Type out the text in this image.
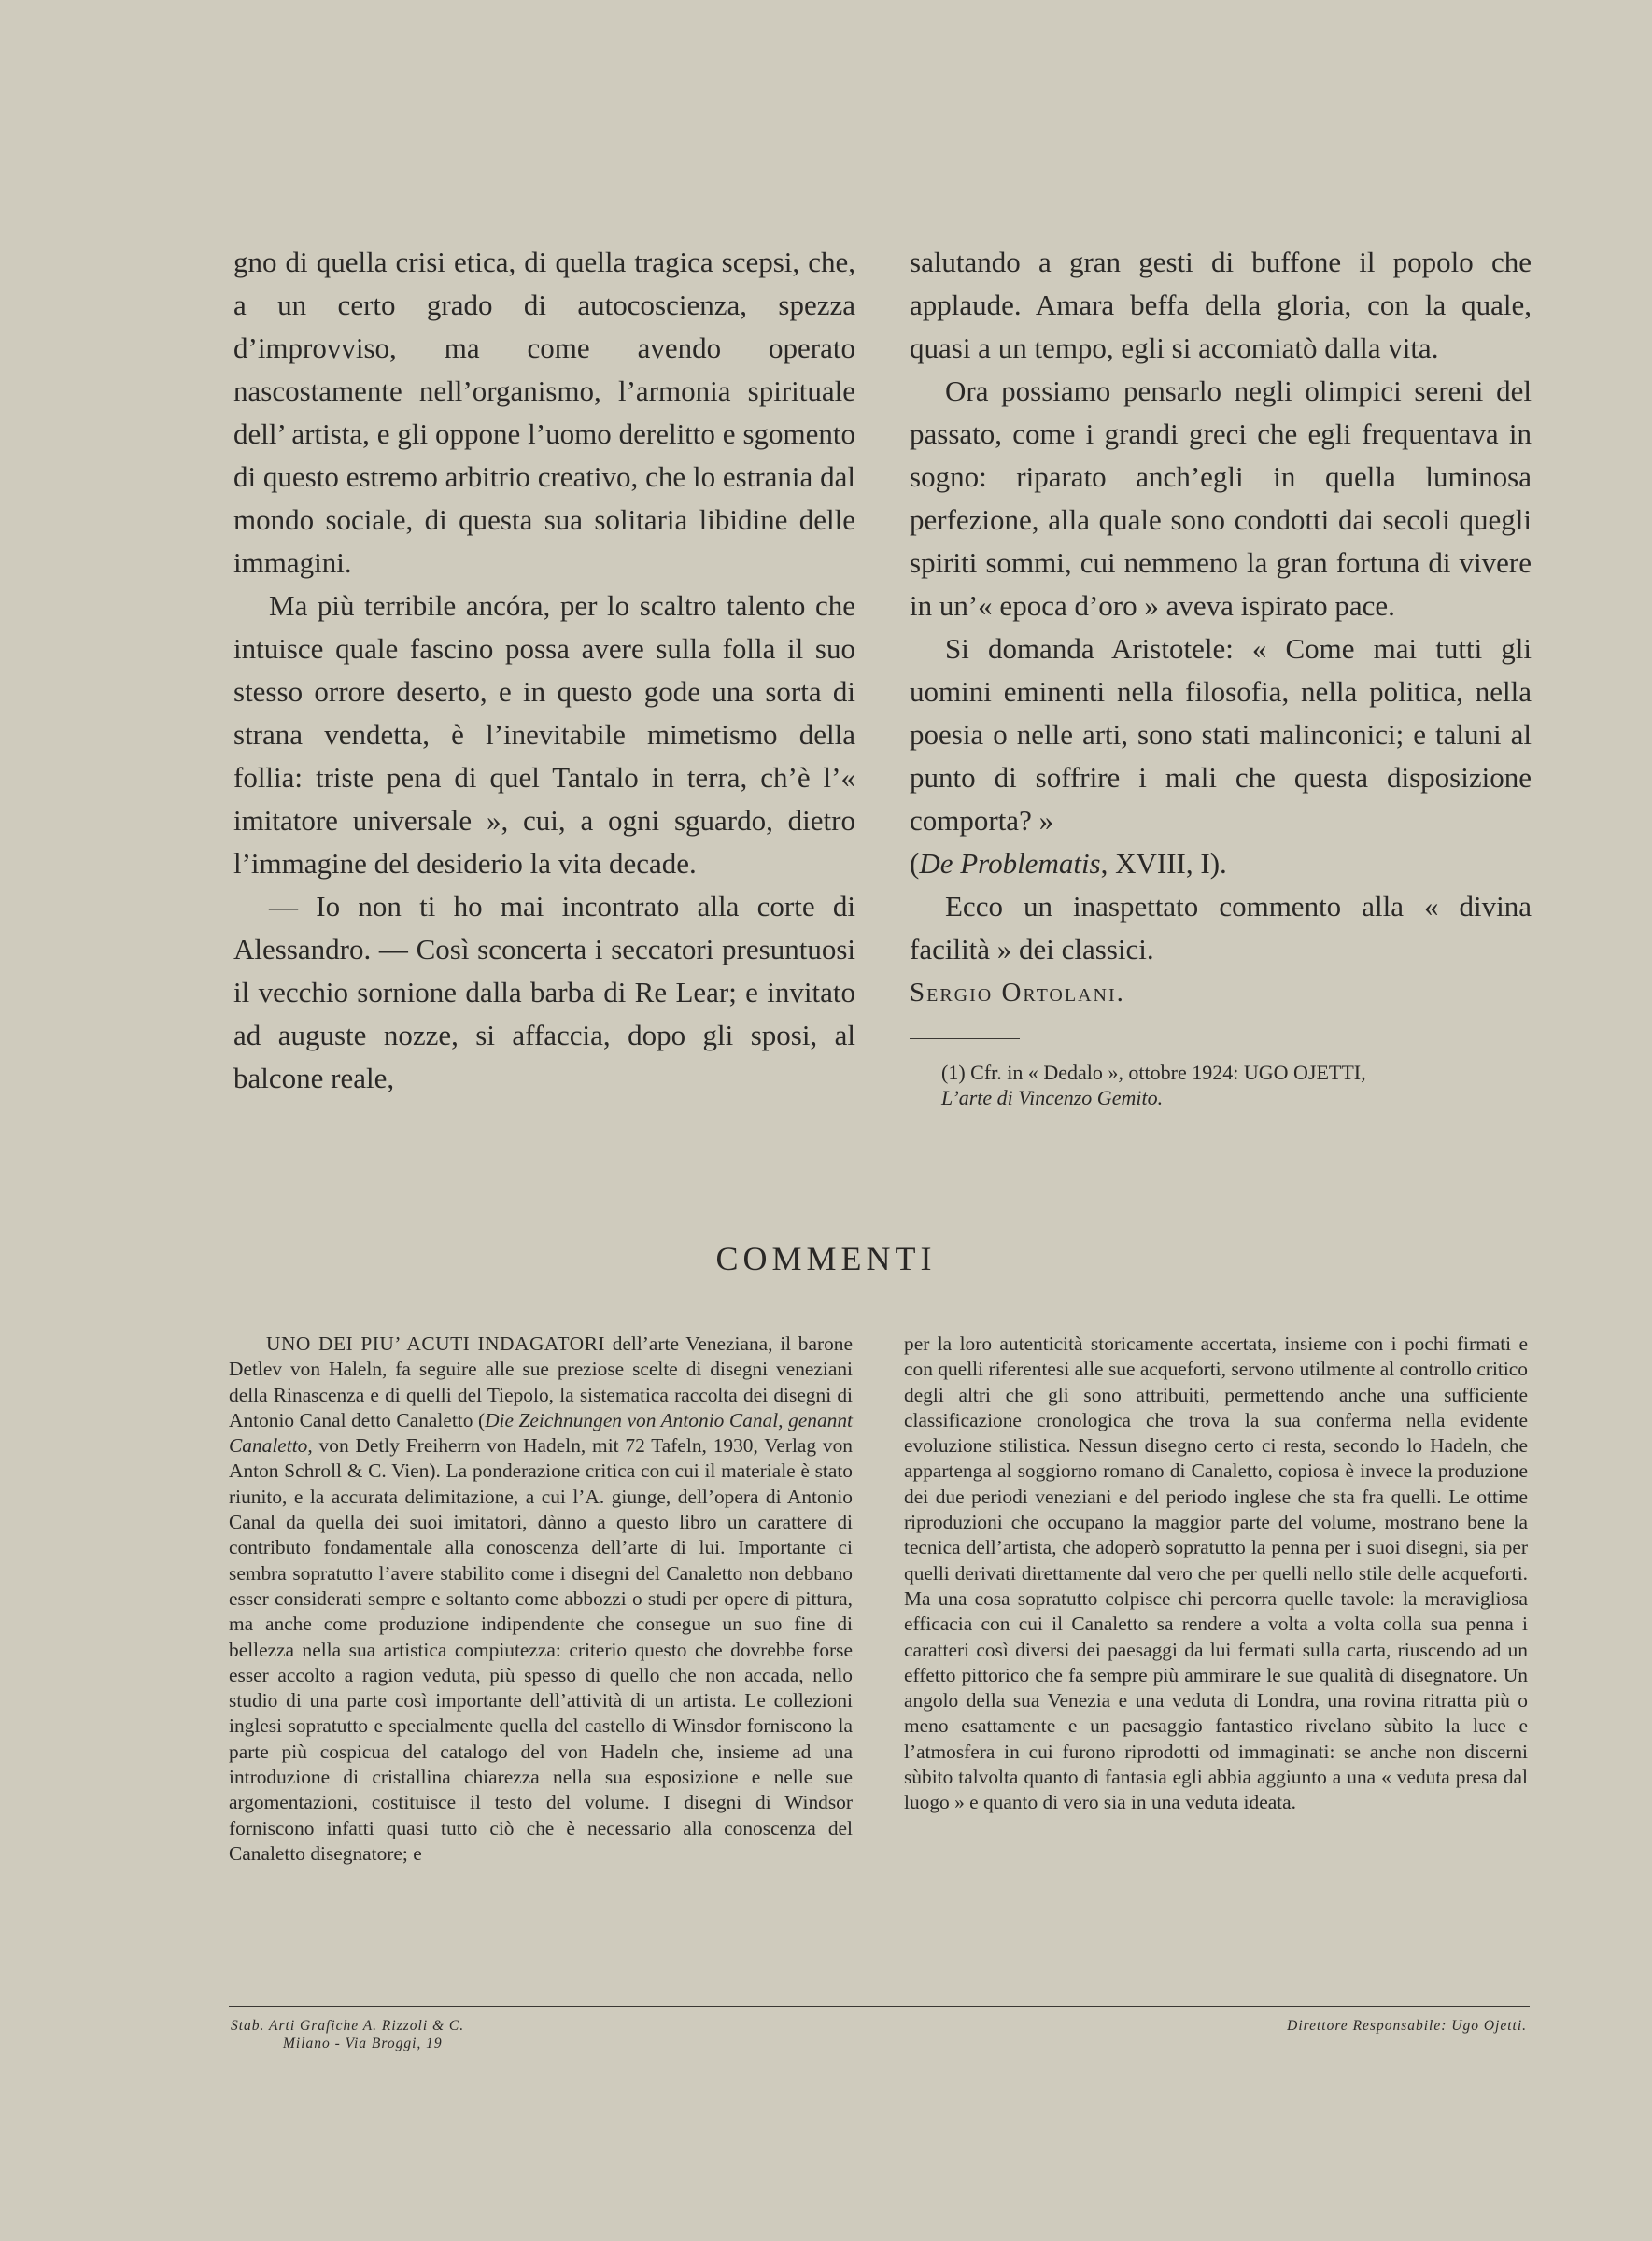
gno di quella crisi etica, di quella tragica scepsi, che, a un certo grado di autocoscienza, spezza d’improvviso, ma come avendo operato nascostamente nell’organismo, l’armonia spirituale dell’ artista, e gli oppone l’uomo derelitto e sgomento di questo estremo arbitrio creativo, che lo estrania dal mondo sociale, di questa sua solitaria libidine delle immagini.

Ma più terribile ancóra, per lo scaltro talento che intuisce quale fascino possa avere sulla folla il suo stesso orrore deserto, e in questo gode una sorta di strana vendetta, è l’inevitabile mimetismo della follia: triste pena di quel Tantalo in terra, ch’è l’« imitatore universale », cui, a ogni sguardo, dietro l’immagine del desiderio la vita decade.

— Io non ti ho mai incontrato alla corte di Alessandro. — Così sconcerta i seccatori presuntuosi il vecchio sornione dalla barba di Re Lear; e invitato ad auguste nozze, si affaccia, dopo gli sposi, al balcone reale,

salutando a gran gesti di buffone il popolo che applaude. Amara beffa della gloria, con la quale, quasi a un tempo, egli si accomiatò dalla vita.

Ora possiamo pensarlo negli olimpici sereni del passato, come i grandi greci che egli frequentava in sogno: riparato anch’egli in quella luminosa perfezione, alla quale sono condotti dai secoli quegli spiriti sommi, cui nemmeno la gran fortuna di vivere in un’« epoca d’oro » aveva ispirato pace.

Si domanda Aristotele: « Come mai tutti gli uomini eminenti nella filosofia, nella politica, nella poesia o nelle arti, sono stati malinconici; e taluni al punto di soffrire i mali che questa disposizione comporta? »

(De Problematis, XVIII, I).

Ecco un inaspettato commento alla « divina facilità » dei classici.

Sergio Ortolani.

(1) Cfr. in « Dedalo », ottobre 1924: UGO OJETTI,
L’arte di Vincenzo Gemito.

COMMENTI

UNO DEI PIU’ ACUTI INDAGATORI dell’arte Veneziana, il barone Detlev von Haleln, fa seguire alle sue preziose scelte di disegni veneziani della Rinascenza e di quelli del Tiepolo, la sistematica raccolta dei disegni di Antonio Canal detto Canaletto (Die Zeichnungen von Antonio Canal, genannt Canaletto, von Detly Freiherrn von Hadeln, mit 72 Tafeln, 1930, Verlag von Anton Schroll & C. Vien). La ponderazione critica con cui il materiale è stato riunito, e la accurata delimitazione, a cui l’A. giunge, dell’opera di Antonio Canal da quella dei suoi imitatori, dànno a questo libro un carattere di contributo fondamentale alla conoscenza dell’arte di lui. Importante ci sembra sopratutto l’avere stabilito come i disegni del Canaletto non debbano esser considerati sempre e soltanto come abbozzi o studi per opere di pittura, ma anche come produzione indipendente che consegue un suo fine di bellezza nella sua artistica compiutezza: criterio questo che dovrebbe forse esser accolto a ragion veduta, più spesso di quello che non accada, nello studio di una parte così importante dell’attività di un artista. Le collezioni inglesi sopratutto e specialmente quella del castello di Winsdor forniscono la parte più cospicua del catalogo del von Hadeln che, insieme ad una introduzione di cristallina chiarezza nella sua esposizione e nelle sue argomentazioni, costituisce il testo del volume. I disegni di Windsor forniscono infatti quasi tutto ciò che è necessario alla conoscenza del Canaletto disegnatore; e

per la loro autenticità storicamente accertata, insieme con i pochi firmati e con quelli riferentesi alle sue acqueforti, servono utilmente al controllo critico degli altri che gli sono attribuiti, permettendo anche una sufficiente classificazione cronologica che trova la sua conferma nella evidente evoluzione stilistica. Nessun disegno certo ci resta, secondo lo Hadeln, che appartenga al soggiorno romano di Canaletto, copiosa è invece la produzione dei due periodi veneziani e del periodo inglese che sta fra quelli. Le ottime riproduzioni che occupano la maggior parte del volume, mostrano bene la tecnica dell’artista, che adoperò sopratutto la penna per i suoi disegni, sia per quelli derivati direttamente dal vero che per quelli nello stile delle acqueforti. Ma una cosa sopratutto colpisce chi percorra quelle tavole: la meravigliosa efficacia con cui il Canaletto sa rendere a volta a volta colla sua penna i caratteri così diversi dei paesaggi da lui fermati sulla carta, riuscendo ad un effetto pittorico che fa sempre più ammirare le sue qualità di disegnatore. Un angolo della sua Venezia e una veduta di Londra, una rovina ritratta più o meno esattamente e un paesaggio fantastico rivelano sùbito la luce e l’atmosfera in cui furono riprodotti od immaginati: se anche non discerni sùbito talvolta quanto di fantasia egli abbia aggiunto a una « veduta presa dal luogo » e quanto di vero sia in una veduta ideata.

Stab. Arti Grafiche A. Rizzoli & C.
Milano - Via Broggi, 19
Direttore Responsabile: Ugo Ojetti.
